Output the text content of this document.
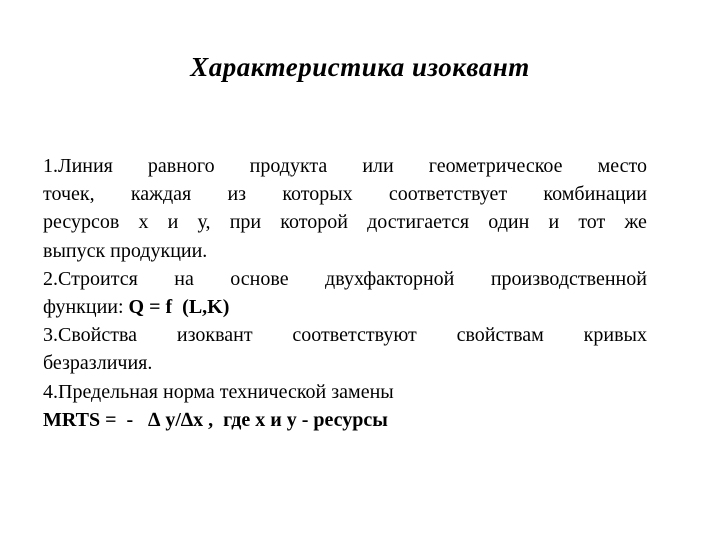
Характеристика изоквант
1.Линия равного продукта или геометрическое место
точек, каждая из которых соответствует комбинации
ресурсов х и у, при которой достигается один и тот же
выпуск продукции.
2.Строится на основе двухфакторной производственной
функции: Q = f  (L,K)
3.Свойства изоквант соответствуют свойствам кривых
безразличия.
4.Предельная норма технической замены
MRTS =  -   ∆ у/∆х ,  где х и у - ресурсы
